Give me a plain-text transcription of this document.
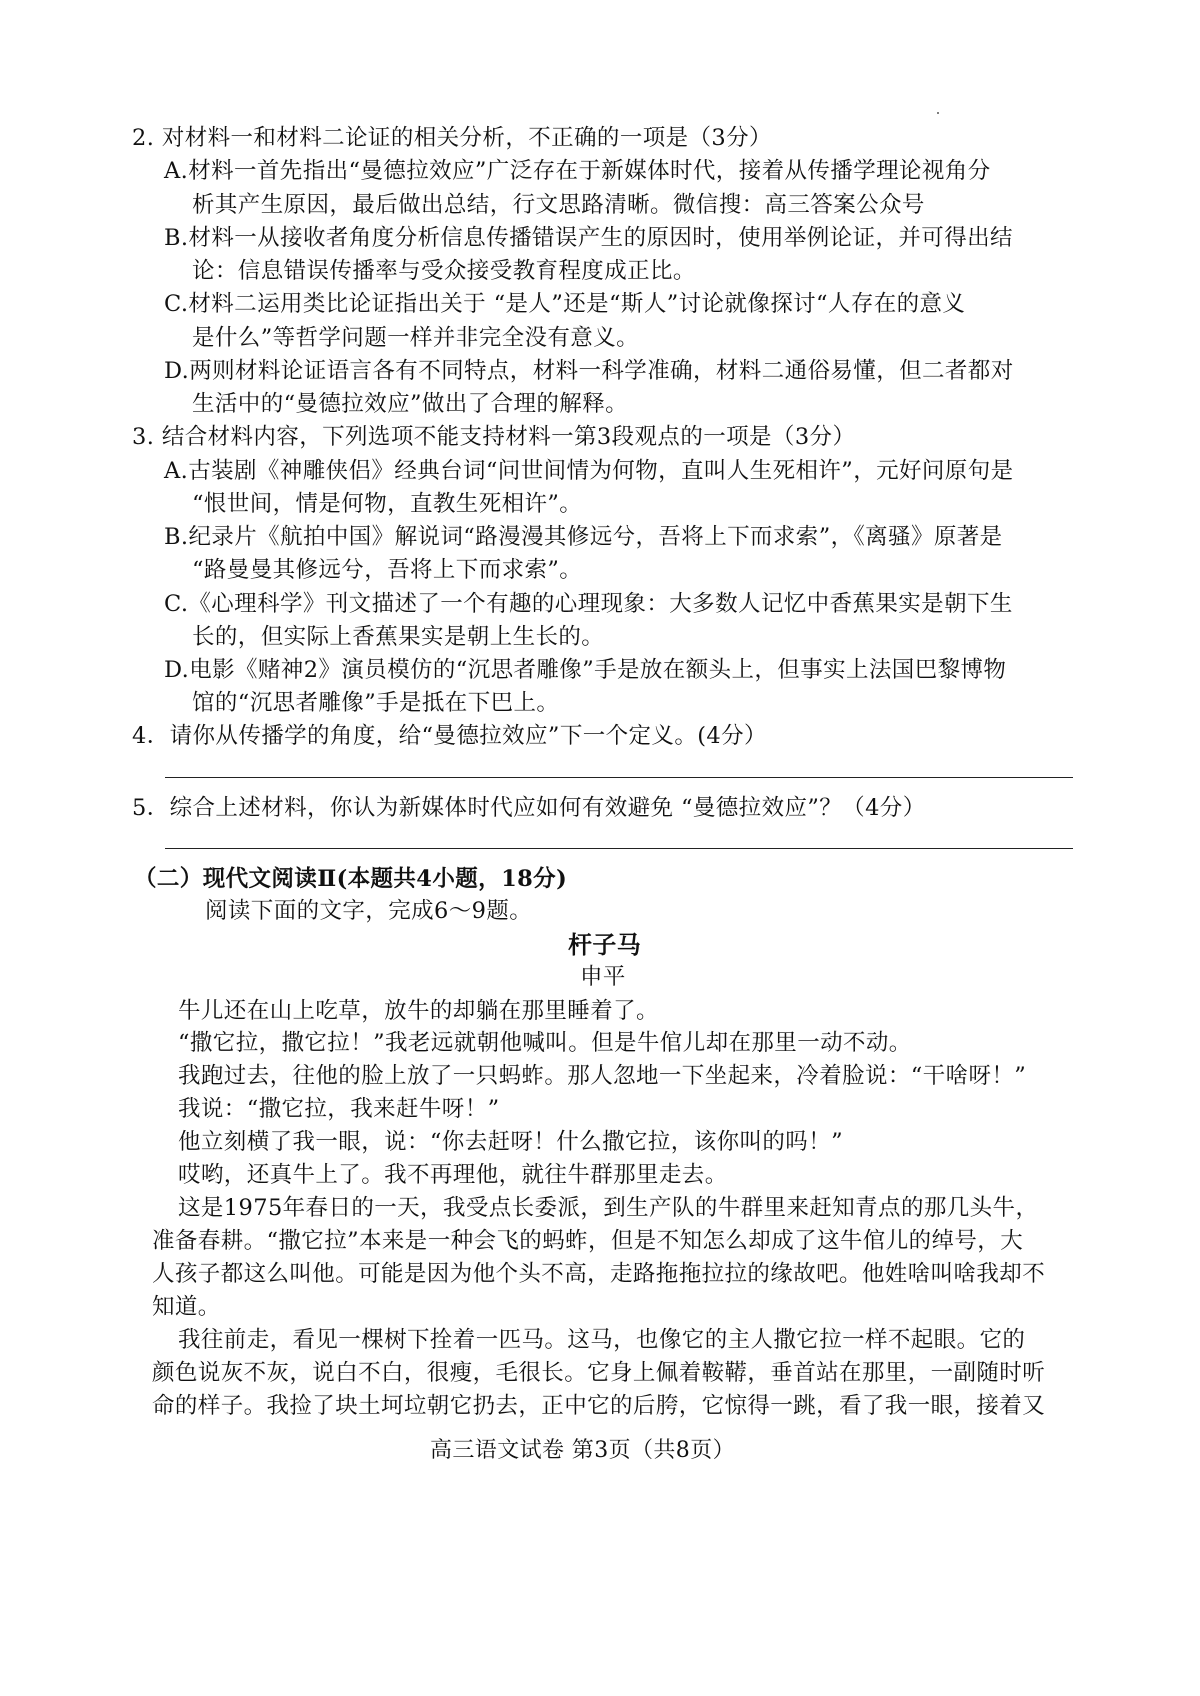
2. 对材料一和材料二论证的相关分析，不正确的一项是（3分）
A.材料一首先指出“曼德拉效应”广泛存在于新媒体时代，接着从传播学理论视角分
析其产生原因，最后做出总结，行文思路清晰。微信搜：高三答案公众号
B.材料一从接收者角度分析信息传播错误产生的原因时，使用举例论证，并可得出结
论：信息错误传播率与受众接受教育程度成正比。
C.材料二运用类比论证指出关于 “是人”还是“斯人”讨论就像探讨“人存在的意义
是什么”等哲学问题一样并非完全没有意义。
D.两则材料论证语言各有不同特点，材料一科学准确，材料二通俗易懂，但二者都对
生活中的“曼德拉效应”做出了合理的解释。
3. 结合材料内容，下列选项不能支持材料一第3段观点的一项是（3分）
A.古装剧《神雕侠侣》经典台词“问世间情为何物，直叫人生死相许”，元好问原句是
“恨世间，情是何物，直教生死相许”。
B.纪录片《航拍中国》解说词“路漫漫其修远兮，吾将上下而求索”，《离骚》原著是
“路曼曼其修远兮，吾将上下而求索”。
C.《心理科学》刊文描述了一个有趣的心理现象：大多数人记忆中香蕉果实是朝下生
长的，但实际上香蕉果实是朝上生长的。
D.电影《赌神2》演员模仿的“沉思者雕像”手是放在额头上，但事实上法国巴黎博物
馆的“沉思者雕像”手是抵在下巴上。
4．请你从传播学的角度，给“曼德拉效应”下一个定义。(4分）
5．综合上述材料，你认为新媒体时代应如何有效避免 “曼德拉效应”？（4分）
（二）现代文阅读Ⅱ(本题共4小题，18分)
阅读下面的文字，完成6～9题。
杆子马
申平
牛儿还在山上吃草，放牛的却躺在那里睡着了。
“撒它拉，撒它拉！”我老远就朝他喊叫。但是牛倌儿却在那里一动不动。
我跑过去，往他的脸上放了一只蚂蚱。那人忽地一下坐起来，冷着脸说：“干啥呀！”
我说：“撒它拉，我来赶牛呀！”
他立刻横了我一眼，说：“你去赶呀！什么撒它拉，该你叫的吗！”
哎哟，还真牛上了。我不再理他，就往牛群那里走去。
这是1975年春日的一天，我受点长委派，到生产队的牛群里来赶知青点的那几头牛，
准备春耕。“撒它拉”本来是一种会飞的蚂蚱，但是不知怎么却成了这牛倌儿的绰号，大
人孩子都这么叫他。可能是因为他个头不高，走路拖拖拉拉的缘故吧。他姓啥叫啥我却不
知道。
我往前走，看见一棵树下拴着一匹马。这马，也像它的主人撒它拉一样不起眼。它的
颜色说灰不灰，说白不白，很瘦，毛很长。它身上佩着鞍鞯，垂首站在那里，一副随时听
命的样子。我捡了块土坷垃朝它扔去，正中它的后胯，它惊得一跳，看了我一眼，接着又
高三语文试卷 第3页（共8页）
